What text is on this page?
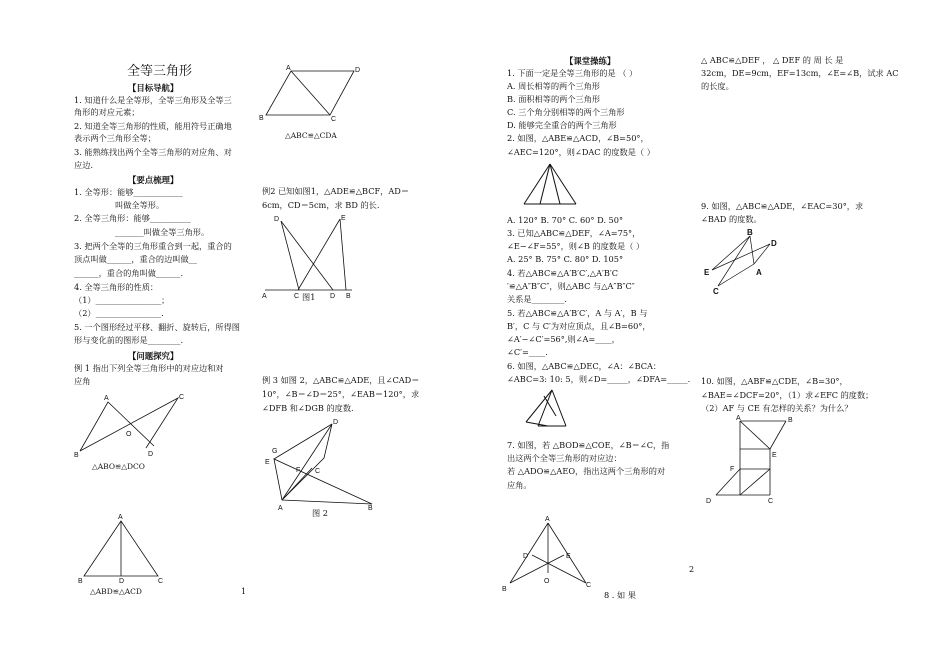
全等三角形
【目标导航】
1. 知道什么是全等形，全等三角形及全等三
角形的对应元素；
2. 知道全等三角形的性质，能用符号正确地
表示两个三角形全等；
3. 能熟练找出两个全等三角形的对应角、对
应边.
【要点梳理】
1. 全等形：能够____________
叫做全等形。
2. 全等三角形：能够__________
_______叫做全等三角形。
3. 把两个全等的三角形重合到一起，重合的
顶点叫做______，重合的边叫做__
______，重合的角叫做______.
4. 全等三角形的性质：
（1）________________；
（2）________________.
5. 一个图形经过平移、翻折、旋转后，所得图
形与变化前的图形是________.
【问题探究】
例 1 指出下列全等三角形中的对应边和对
应角
A	C
B	D
O
△ABO≌△DCO
A
B	D	C
△ABD≌△ACD	1
A	D
B	C
△ABC≌△CDA
例2 已知如图1，△ADE≌△BCF，AD＝
6cm，CD＝5cm，求 BD 的长.
D	E
A	C	D B
图1
例 3 如图 2，△ABC≌△ADE，且∠CAD＝
10°，∠B＝∠D＝25°，∠EAB＝120°，求
∠DFB 和∠DGB 的度数.
D
E
G
F C
A	B
图 2
【课堂操练】
1. 下面一定是全等三角形的是 （ ）
A. 周长相等的两个三角形
B. 面积相等的两个三角形
C. 三个角分别相等的两个三角形
D. 能够完全重合的两个三角形
2. 如图，△ABE≌△ACD，∠B=50°，
∠AEC=120°，则∠DAC 的度数是（ ）
A. 120° B. 70° C. 60° D. 50°
3. 已知△ABC≌△DEF，∠A=75°，
∠E−∠F=55°，则∠B 的度数是（ ）
A. 25° B. 75° C. 80° D. 105°
4. 若△ABC≌△A′B′C′,△A′B′C
′≌△A″B″C″，则△ABC 与△A″B″C″
关系是________.
5. 若△ABC≌△A′B′C′，A 与 A′，B 与
B′，C 与 C′为对应顶点，且∠B=60°，
∠A′−∠C′=56°,则∠A=____，
∠C′=____.
6. 如图，△ABC≌△DEC，∠A：∠BCA：
∠ABC=3: 10: 5，则∠D=_____，∠DFA=_____.
7. 如图，若 △BOD≌△COE，∠B＝∠C，指
出这两个全等三角形的对应边：
若 △ADO≌△AEO，指出这两个三角形的对
应角。
A
D	E
O
B
C
8 . 如 果
2
△ ABC≌△DEF ， △ DEF 的 周 长 是
32cm，DE=9cm，EF=13cm，∠E=∠B，试求 AC
的长度。
9. 如图，△ABC≌△ADE，∠EAC=30°，求
∠BAD 的度数。
B
D
E	A
C
10. 如图，△ABF≌△CDE，∠B=30°，
∠BAE=∠DCF=20°，（1）求∠EFC 的度数；
（2）AF 与 CE 有怎样的关系？为什么？
A	B
F
E
D	C
